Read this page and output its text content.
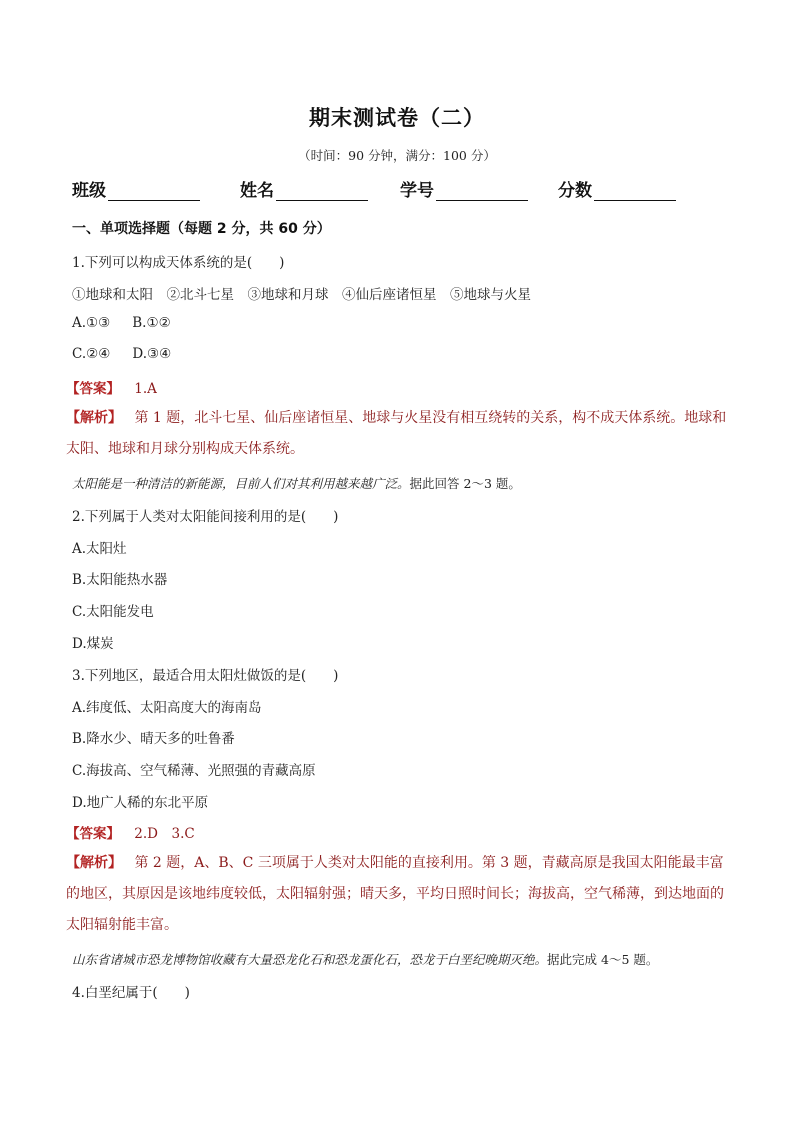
期末测试卷（二）
（时间：90 分钟，满分：100 分）
班级	姓名	学号	分数
一、单项选择题（每题 2 分，共 60 分）
1.下列可以构成天体系统的是(　　)
①地球和太阳　②北斗七星　③地球和月球　④仙后座诸恒星　⑤地球与火星
A.①③ B.①②
C.②④ D.③④
【答案】 1.A
【解析】 第 1 题，北斗七星、仙后座诸恒星、地球与火星没有相互绕转的关系，构不成天体系统。地球和太阳、地球和月球分别构成天体系统。
太阳能是一种清洁的新能源，目前人们对其利用越来越广泛。据此回答 2～3 题。
2.下列属于人类对太阳能间接利用的是(　　)
A.太阳灶
B.太阳能热水器
C.太阳能发电
D.煤炭
3.下列地区，最适合用太阳灶做饭的是(　　)
A.纬度低、太阳高度大的海南岛
B.降水少、晴天多的吐鲁番
C.海拔高、空气稀薄、光照强的青藏高原
D.地广人稀的东北平原
【答案】 2.D　3.C
【解析】 第 2 题，A、B、C 三项属于人类对太阳能的直接利用。第 3 题，青藏高原是我国太阳能最丰富的地区，其原因是该地纬度较低，太阳辐射强；晴天多，平均日照时间长；海拔高，空气稀薄，到达地面的太阳辐射能丰富。
山东省诸城市恐龙博物馆收藏有大量恐龙化石和恐龙蛋化石，恐龙于白垩纪晚期灭绝。据此完成 4～5 题。
4.白垩纪属于(　　)
